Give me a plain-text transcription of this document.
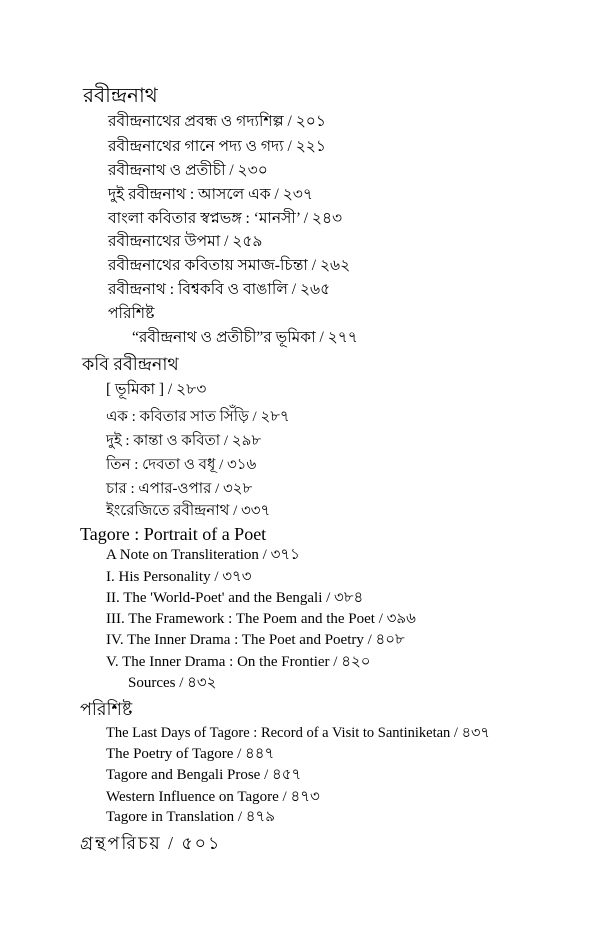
রবীন্দ্রনাথ
রবীন্দ্রনাথের প্রবন্ধ ও গদ্যশিল্প / ২০১
রবীন্দ্রনাথের গানে পদ্য ও গদ্য / ২২১
রবীন্দ্রনাথ ও প্রতীচী / ২৩০
দুই রবীন্দ্রনাথ : আসলে এক / ২৩৭
বাংলা কবিতার স্বপ্নভঙ্গ : ‘মানসী’ / ২৪৩
রবীন্দ্রনাথের উপমা / ২৫৯
রবীন্দ্রনাথের কবিতায় সমাজ-চিন্তা / ২৬২
রবীন্দ্রনাথ : বিশ্বকবি ও বাঙালি / ২৬৫
পরিশিষ্ট
“রবীন্দ্রনাথ ও প্রতীচী”র ভূমিকা / ২৭৭
কবি রবীন্দ্রনাথ
[ ভূমিকা ] / ২৮৩
এক : কবিতার সাত সিঁড়ি / ২৮৭
দুই : কান্তা ও কবিতা / ২৯৮
তিন : দেবতা ও বধূ / ৩১৬
চার : এপার-ওপার / ৩২৮
ইংরেজিতে রবীন্দ্রনাথ / ৩৩৭
Tagore : Portrait of a Poet
A Note on Transliteration / ৩৭১
I. His Personality / ৩৭৩
II. The 'World-Poet' and the Bengali / ৩৮৪
III. The Framework : The Poem and the Poet / ৩৯৬
IV. The Inner Drama : The Poet and Poetry / ৪০৮
V. The Inner Drama : On the Frontier / ৪২০
Sources / ৪৩২
পরিশিষ্ট
The Last Days of Tagore : Record of a Visit to Santiniketan / ৪৩৭
The Poetry of Tagore / ৪৪৭
Tagore and Bengali Prose / ৪৫৭
Western Influence on Tagore / ৪৭৩
Tagore in Translation / ৪৭৯
গ্রন্থপরিচয় / ৫০১
